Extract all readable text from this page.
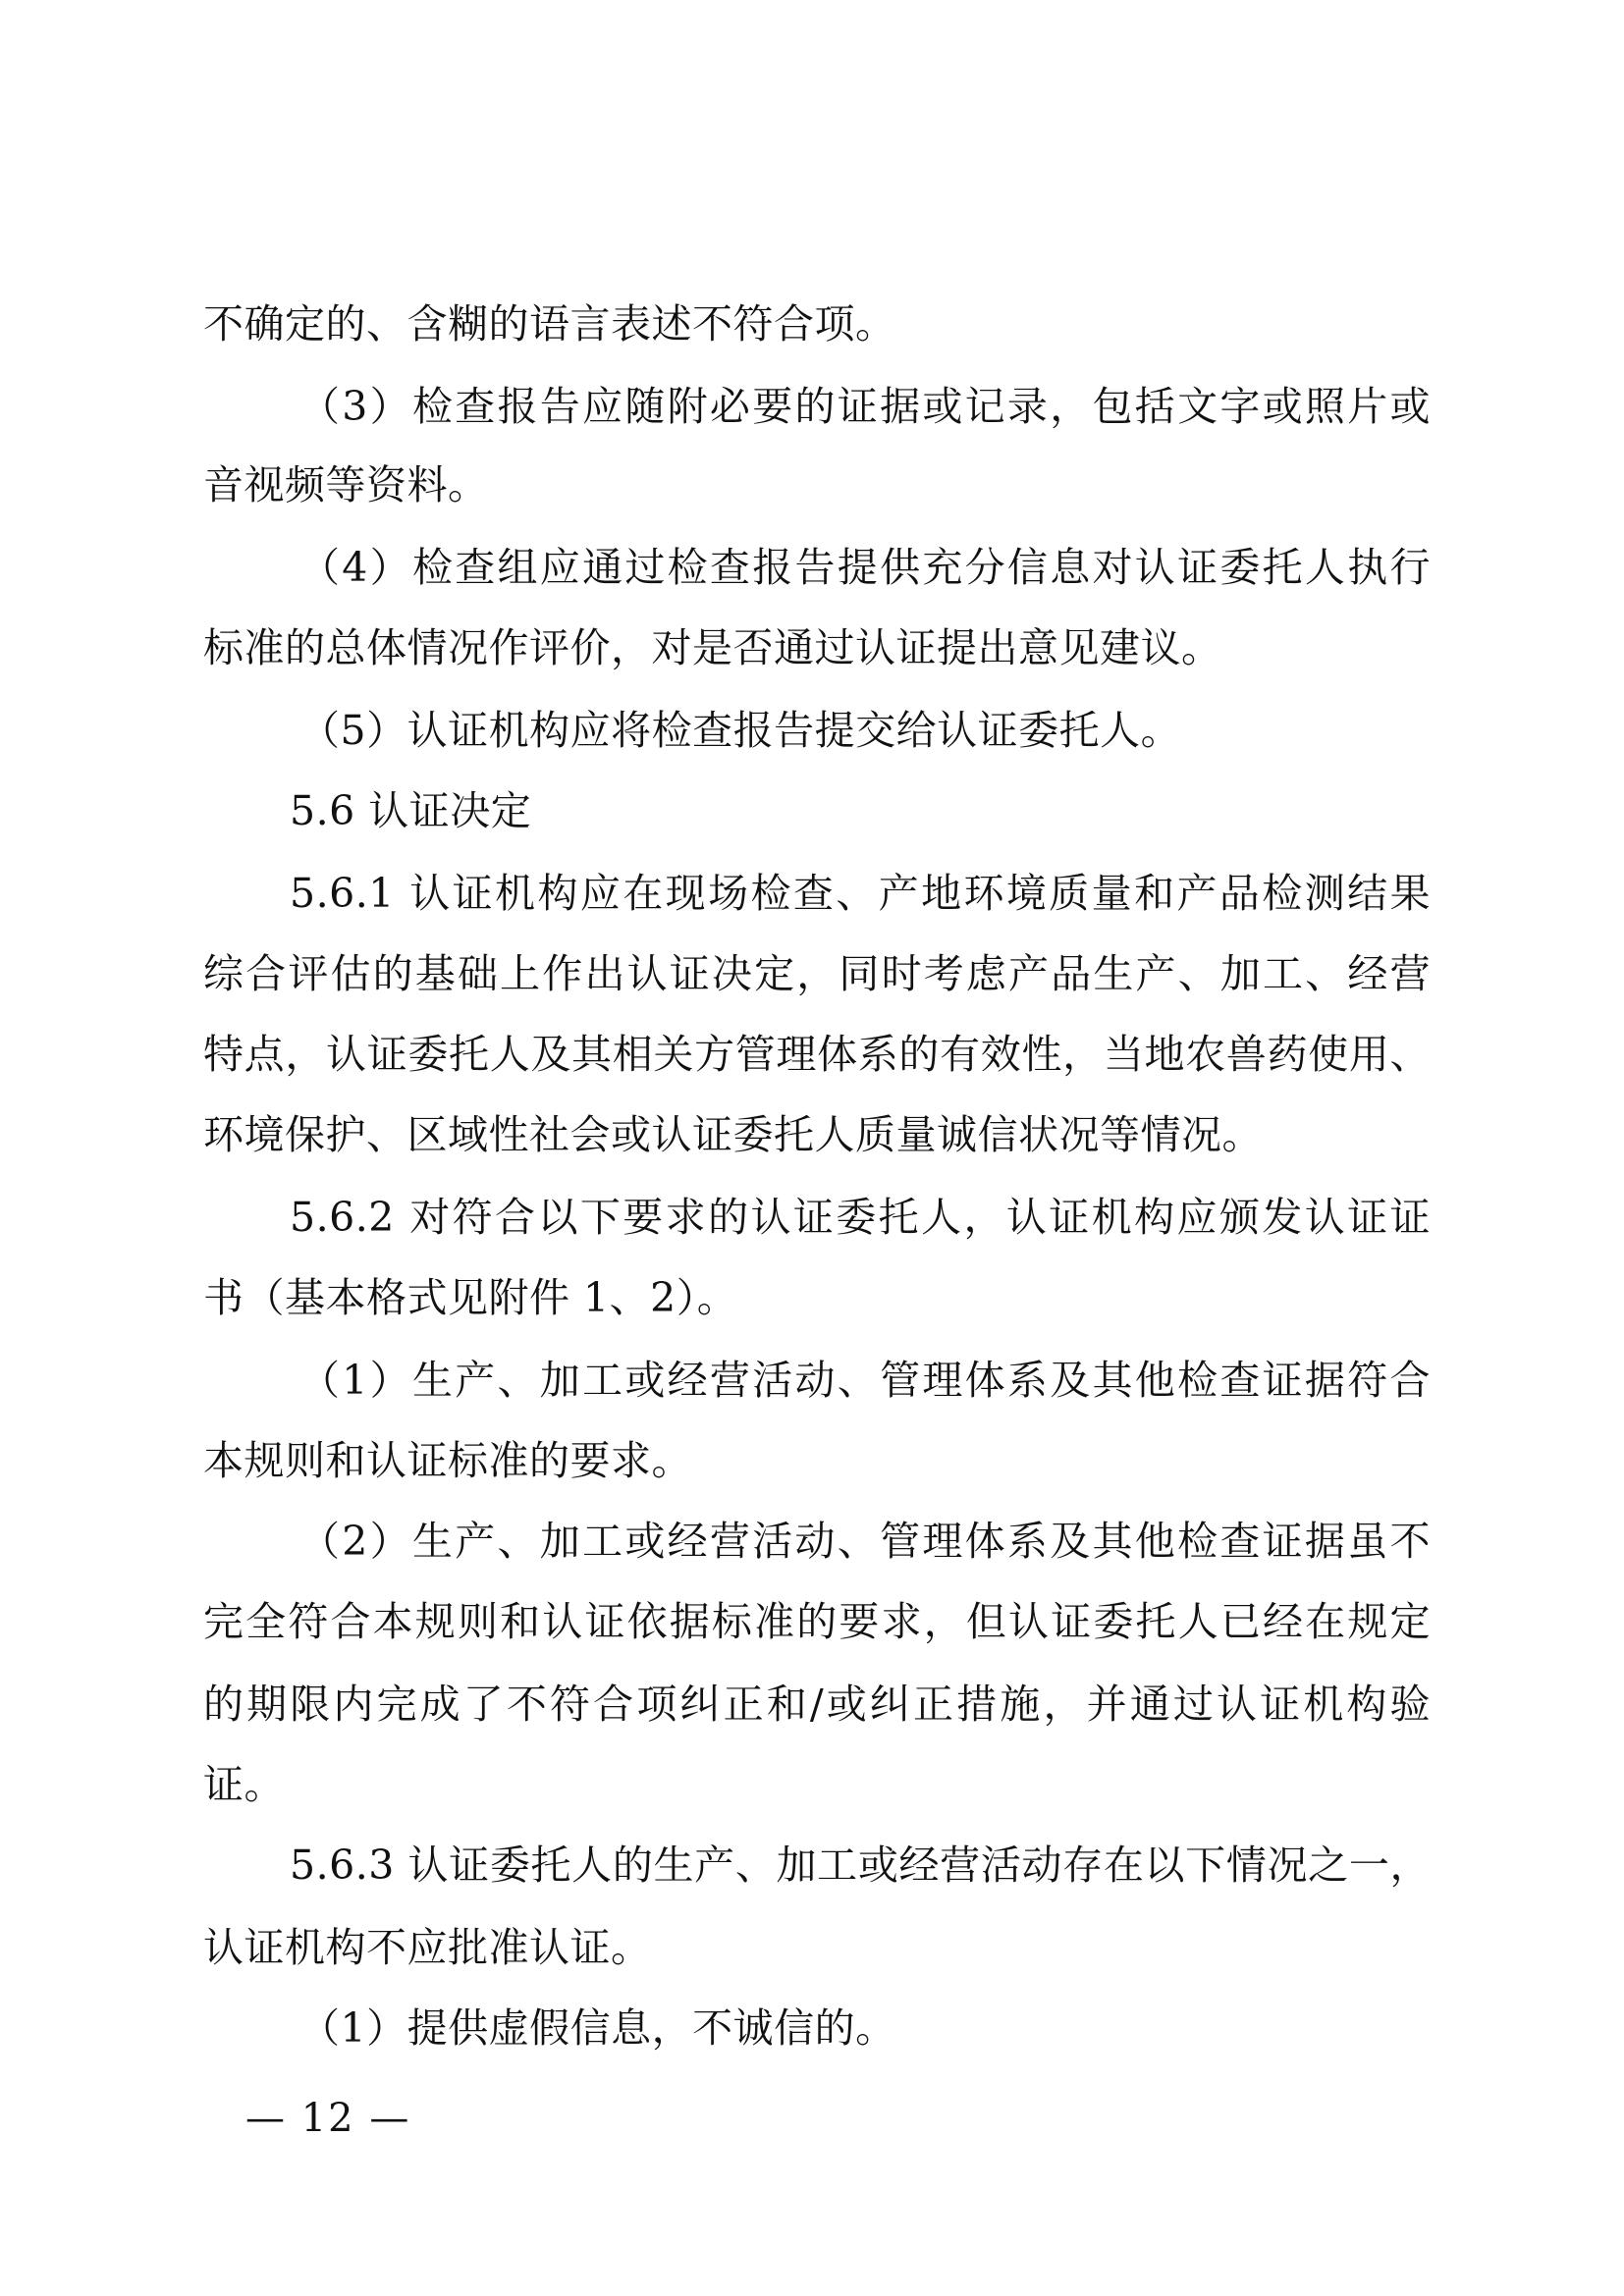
不确定的、含糊的语言表述不符合项。
（3）检查报告应随附必要的证据或记录，包括文字或照片或
音视频等资料。
（4）检查组应通过检查报告提供充分信息对认证委托人执行
标准的总体情况作评价，对是否通过认证提出意见建议。
（5）认证机构应将检查报告提交给认证委托人。
5.6 认证决定
5.6.1 认证机构应在现场检查、产地环境质量和产品检测结果
综合评估的基础上作出认证决定，同时考虑产品生产、加工、经营
特点，认证委托人及其相关方管理体系的有效性，当地农兽药使用、
环境保护、区域性社会或认证委托人质量诚信状况等情况。
5.6.2 对符合以下要求的认证委托人，认证机构应颁发认证证
书（基本格式见附件 1、2）。
（1）生产、加工或经营活动、管理体系及其他检查证据符合
本规则和认证标准的要求。
（2）生产、加工或经营活动、管理体系及其他检查证据虽不
完全符合本规则和认证依据标准的要求，但认证委托人已经在规定
的期限内完成了不符合项纠正和/或纠正措施，并通过认证机构验
证。
5.6.3 认证委托人的生产、加工或经营活动存在以下情况之一，
认证机构不应批准认证。
（1）提供虚假信息，不诚信的。
— 12 —
